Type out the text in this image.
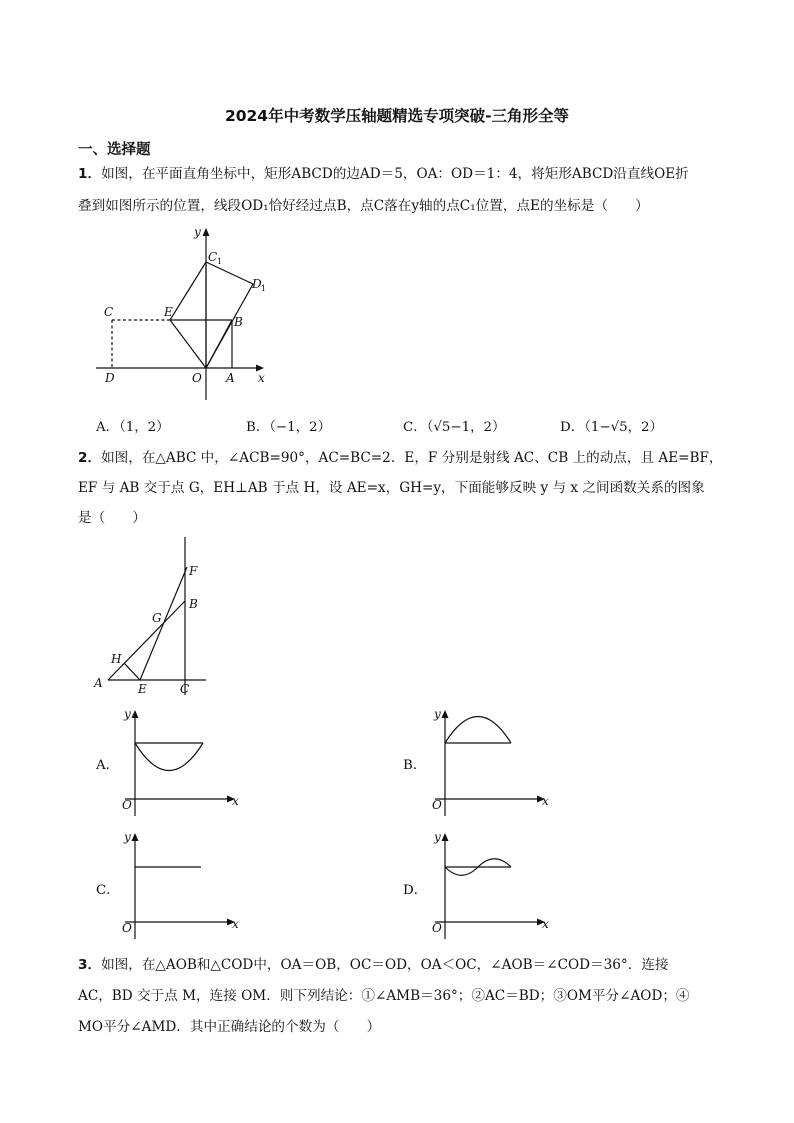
2024年中考数学压轴题精选专项突破-三角形全等
一、选择题
1．如图，在平面直角坐标中，矩形ABCD的边AD＝5，OA：OD＝1：4，将矩形ABCD沿直线OE折
叠到如图所示的位置，线段OD₁恰好经过点B，点C落在y轴的点C₁位置，点E的坐标是（　　）
y
x
C 1
D 1
C	E
B
D	O A
A．（1，2）	B．（−1，2）	C．（√5−1，2）	D．（1−√5，2）
2．如图，在△ABC 中，∠ACB=90°，AC=BC=2．E，F 分别是射线 AC、CB 上的动点，且 AE=BF，
EF 与 AB 交于点 G，EH⊥AB 于点 H，设 AE=x，GH=y，下面能够反映 y 与 x 之间函数关系的图象
是（　　）
F
B
G
H
A	E	C
A．
y
x
O
B．
y
x
O
C．
y
x
O
D．
y
x
O
3．如图，在△AOB和△COD中，OA＝OB，OC＝OD，OA＜OC，∠AOB＝∠COD＝36°．连接
AC，BD 交于点 M，连接 OM．则下列结论：①∠AMB＝36°；②AC＝BD；③OM平分∠AOD；④
MO平分∠AMD．其中正确结论的个数为（　　）
